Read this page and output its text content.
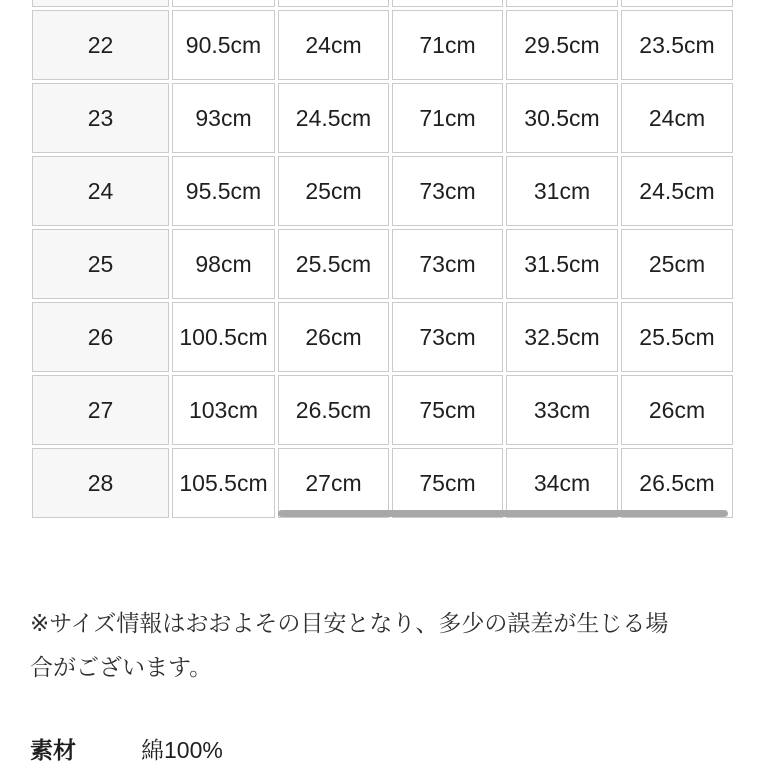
22	90.5cm	24cm	71cm	29.5cm	23.5cm
23	93cm	24.5cm	71cm	30.5cm	24cm
24	95.5cm	25cm	73cm	31cm	24.5cm
25	98cm	25.5cm	73cm	31.5cm	25cm
26	100.5cm	26cm	73cm	32.5cm	25.5cm
27	103cm	26.5cm	75cm	33cm	26cm
28	105.5cm	27cm	75cm	34cm	26.5cm

※サイズ情報はおおよその目安となり、多少の誤差が生じる場
合がございます。

素材	綿100%
